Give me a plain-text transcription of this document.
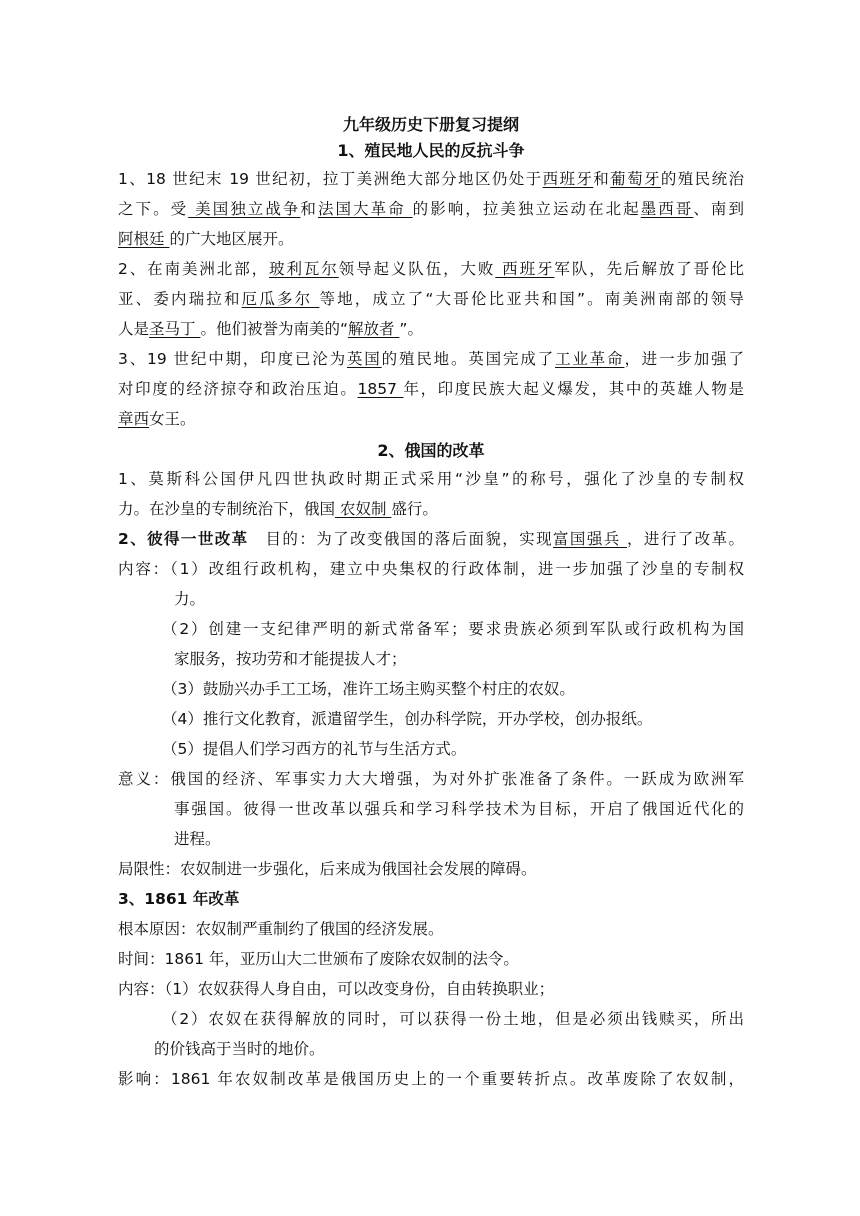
九年级历史下册复习提纲

1、殖民地人民的反抗斗争

1、18 世纪末 19 世纪初，拉丁美洲绝大部分地区仍处于西班牙和葡萄牙的殖民统治

之下。受 美国独立战争和法国大革命 的影响，拉美独立运动在北起墨西哥、南到

阿根廷 的广大地区展开。

2、在南美洲北部，玻利瓦尔领导起义队伍，大败 西班牙军队，先后解放了哥伦比

亚、委内瑞拉和厄瓜多尔 等地，成立了“大哥伦比亚共和国”。南美洲南部的领导

人是圣马丁 。他们被誉为南美的“解放者 ”。

3、19 世纪中期，印度已沦为英国的殖民地。英国完成了工业革命，进一步加强了

对印度的经济掠夺和政治压迫。1857 年，印度民族大起义爆发，其中的英雄人物是

章西女王。

2、俄国的改革

1、莫斯科公国伊凡四世执政时期正式采用“沙皇”的称号，强化了沙皇的专制权

力。在沙皇的专制统治下，俄国 农奴制 盛行。

2、彼得一世改革　目的：为了改变俄国的落后面貌，实现富国强兵 ，进行了改革。

内容：（1）改组行政机构，建立中央集权的行政体制，进一步加强了沙皇的专制权

力。

（2）创建一支纪律严明的新式常备军；要求贵族必须到军队或行政机构为国

家服务，按功劳和才能提拔人才；

（3）鼓励兴办手工工场，准许工场主购买整个村庄的农奴。

（4）推行文化教育，派遣留学生，创办科学院，开办学校，创办报纸。

（5）提倡人们学习西方的礼节与生活方式。

意义：俄国的经济、军事实力大大增强，为对外扩张准备了条件。一跃成为欧洲军

事强国。彼得一世改革以强兵和学习科学技术为目标，开启了俄国近代化的

进程。

局限性：农奴制进一步强化，后来成为俄国社会发展的障碍。

3、1861 年改革

根本原因：农奴制严重制约了俄国的经济发展。

时间：1861 年，亚历山大二世颁布了废除农奴制的法令。

内容：（1）农奴获得人身自由，可以改变身份，自由转换职业；

（2）农奴在获得解放的同时，可以获得一份土地，但是必须出钱赎买，所出

的价钱高于当时的地价。

影响：1861 年农奴制改革是俄国历史上的一个重要转折点。改革废除了农奴制，
